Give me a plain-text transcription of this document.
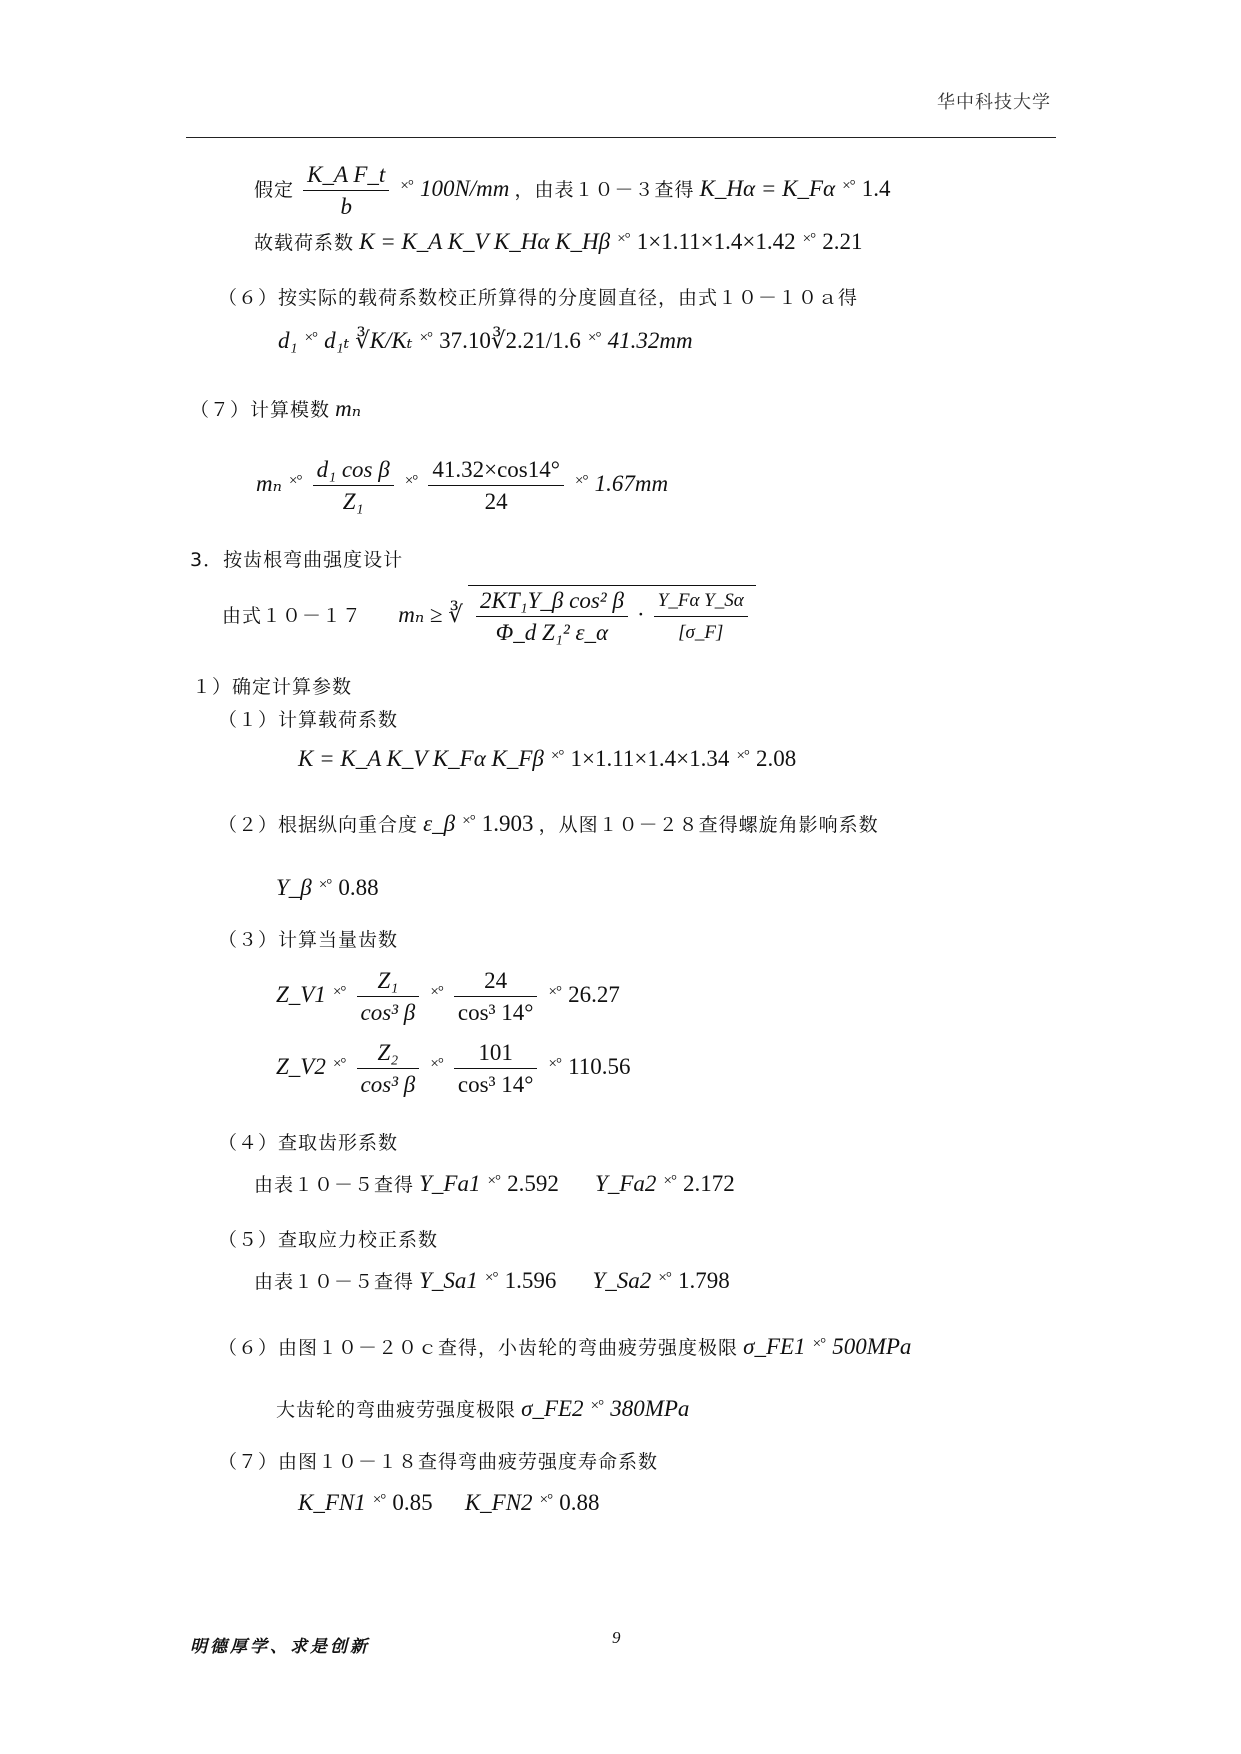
华中科技大学
假定 $\frac{\text{K\_A F\_t}}{b}$ ×° 100N/mm ，由表１０－３查得 K_Hα = K_Fα ×° 1.4
故载荷系数 K = K_A K_V K_Hα K_Hβ ×° 1×1.11×1.4×1.42 ×° 2.21
（６）按实际的载荷系数校正所算得的分度圆直径，由式１０－１０ａ得
d₁ ×° d₁ₜ ∛K/Kₜ ×° 37.10∛2.21/1.6 ×° 41.32mm
（７）计算模数 mₙ
mₙ ×° $\frac{\text{d₁ cos β}}{\text{Z₁}}$ ×° $\frac{41.32\times\cos 14^\circ}{24}$ ×° 1.67mm
3．按齿根弯曲强度设计
由式１０－１７ mₙ ≥ ∛ $\frac{\text{2KT₁Y\_β cos² β}}{\text{Φ\_d Z₁² ε\_α}} \cdot \frac{\text{Y\_Fα Y\_Sα}}{[\sigma\_F]}$
１）确定计算参数
（１）计算载荷系数
K = K_A K_V K_Fα K_Fβ ×° 1×1.11×1.4×1.34 ×° 2.08
（２）根据纵向重合度 ε_β ×° 1.903 ，从图１０－２８查得螺旋角影响系数
Y_β ×° 0.88
（３）计算当量齿数
Z_V1 ×° $\frac{\text{Z₁}}{\text{cos³ β}}$ ×° $\frac{24}{\text{cos³ 14°}}$ ×° 26.27
Z_V2 ×° $\frac{\text{Z₂}}{\text{cos³ β}}$ ×° $\frac{101}{\text{cos³ 14°}}$ ×° 110.56
（４）查取齿形系数
由表１０－５查得 Y_Fa1 ×° 2.592 Y_Fa2 ×° 2.172
（５）查取应力校正系数
由表１０－５查得 Y_Sa1 ×° 1.596 Y_Sa2 ×° 1.798
（６）由图１０－２０ｃ查得，小齿轮的弯曲疲劳强度极限 σ_FE1 ×° 500MPa
大齿轮的弯曲疲劳强度极限 σ_FE2 ×° 380MPa
（７）由图１０－１８查得弯曲疲劳强度寿命系数
K_FN1 ×° 0.85 K_FN2 ×° 0.88
明德厚学、求是创新	9
